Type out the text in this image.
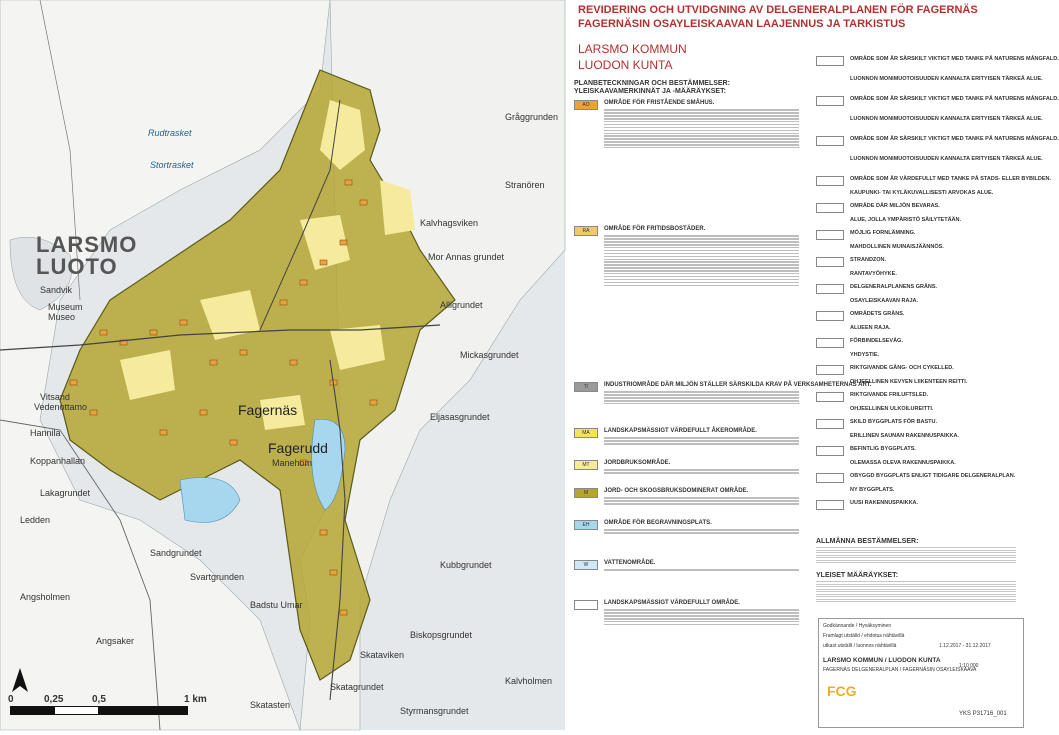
LARSMO
LUOTO
Fagernäs
Fagerudd
Sandvik
Museum
Museo
Vitsand
Vedenottamo
Hannila
Manehom
Mickasgrundet
Eljasasgrundet
Sandgrundet
Kubbgrundet
Skatagrundet
Styrmansgrundet
Biskopsgrundet
Lakagrundet
Koppanhallan
Stortrasket
Svartgrunden
Angsholmen
Angsaker
Ledden
Alligrundet
Mor Annas grundet
Kalvhagsviken
Stranören
Rudtrasket
Gråggrunden
Badstu Umar
Skatasten
Skataviken
Kalvholmen
0	0,25	0,5	1 km
REVIDERING OCH UTVIDGNING AV DELGENERALPLANEN FÖR FAGERNÄS
FAGERNÄSIN OSAYLEISKAAVAN LAAJENNUS JA TARKISTUS
LARSMO KOMMUN
LUODON KUNTA
PLANBETECKNINGAR OCH BESTÄMMELSER:
YLEISKAAVAMERKINNÄT JA -MÄÄRÄYKSET:
AO	OMRÅDE FÖR FRISTÅENDE SMÅHUS.
RA	OMRÅDE FÖR FRITIDSBOSTÄDER.
T/	INDUSTRIOMRÅDE DÄR MILJÖN STÄLLER SÄRSKILDA KRAV PÅ VERKSAMHETERNAS ART.
MA	LANDSKAPSMÄSSIGT VÄRDEFULLT ÅKEROMRÅDE.
MT	JORDBRUKSOMRÅDE.
M	JORD- OCH SKOGSBRUKSDOMINERAT OMRÅDE.
EH	OMRÅDE FÖR BEGRAVNINGSPLATS.
W	VATTENOMRÅDE.
LANDSKAPSMÄSSIGT VÄRDEFULLT OMRÅDE.
OMRÅDE SOM ÄR SÄRSKILT VIKTIGT MED TANKE PÅ NATURENS MÅNGFALD.
LUONNON MONIMUOTOISUUDEN KANNALTA ERITYISEN TÄRKEÄ ALUE.
OMRÅDE SOM ÄR SÄRSKILT VIKTIGT MED TANKE PÅ NATURENS MÅNGFALD.
LUONNON MONIMUOTOISUUDEN KANNALTA ERITYISEN TÄRKEÄ ALUE.
OMRÅDE SOM ÄR SÄRSKILT VIKTIGT MED TANKE PÅ NATURENS MÅNGFALD.
LUONNON MONIMUOTOISUUDEN KANNALTA ERITYISEN TÄRKEÄ ALUE.
OMRÅDE SOM ÄR VÄRDEFULLT MED TANKE PÅ STADS- ELLER BYBILDEN.
KAUPUNKI- TAI KYLÄKUVALLISESTI ARVOKAS ALUE.
OMRÅDE DÄR MILJÖN BEVARAS.
ALUE, JOLLA YMPÄRISTÖ SÄILYTETÄÄN.
MÖJLIG FORNLÄMNING.
MAHDOLLINEN MUINAISJÄÄNNÖS.
STRANDZON.
RANTAVYÖHYKE.
DELGENERALPLANENS GRÄNS.
OSAYLEISKAAVAN RAJA.
OMRÅDETS GRÄNS.
ALUEEN RAJA.
FÖRBINDELSEVÄG.
YHDYSTIE.
RIKTGIVANDE GÅNG- OCH CYKELLED.
OHJEELLINEN KEVYEN LIIKENTEEN REITTI.
RIKTGIVANDE FRILUFTSLED.
OHJEELLINEN ULKOILUREITTI.
SKILD BYGGPLATS FÖR BASTU.
ERILLINEN SAUNAN RAKENNUSPAIKKA.
BEFINTLIG BYGGPLATS.
OLEMASSA OLEVA RAKENNUSPAIKKA.
OBYGGD BYGGPLATS ENLIGT TIDIGARE DELGENERALPLAN.
NY BYGGPLATS.
UUSI RAKENNUSPAIKKA.
ALLMÄNNA BESTÄMMELSER:
YLEISET MÄÄRÄYKSET:
Godkännande / Hyväksyminen
Framlagt utställd / ehdotus nähtävillä
utkast utställt / luonnos nähtävillä	1.12.2017 - 31.12.2017
LARSMO KOMMUN / LUODON KUNTA
FAGERNÄS DELGENERALPLAN / FAGERNÄSIN OSAYLEISKAAVA
FCG
1:10 000
YKS P31716_001
